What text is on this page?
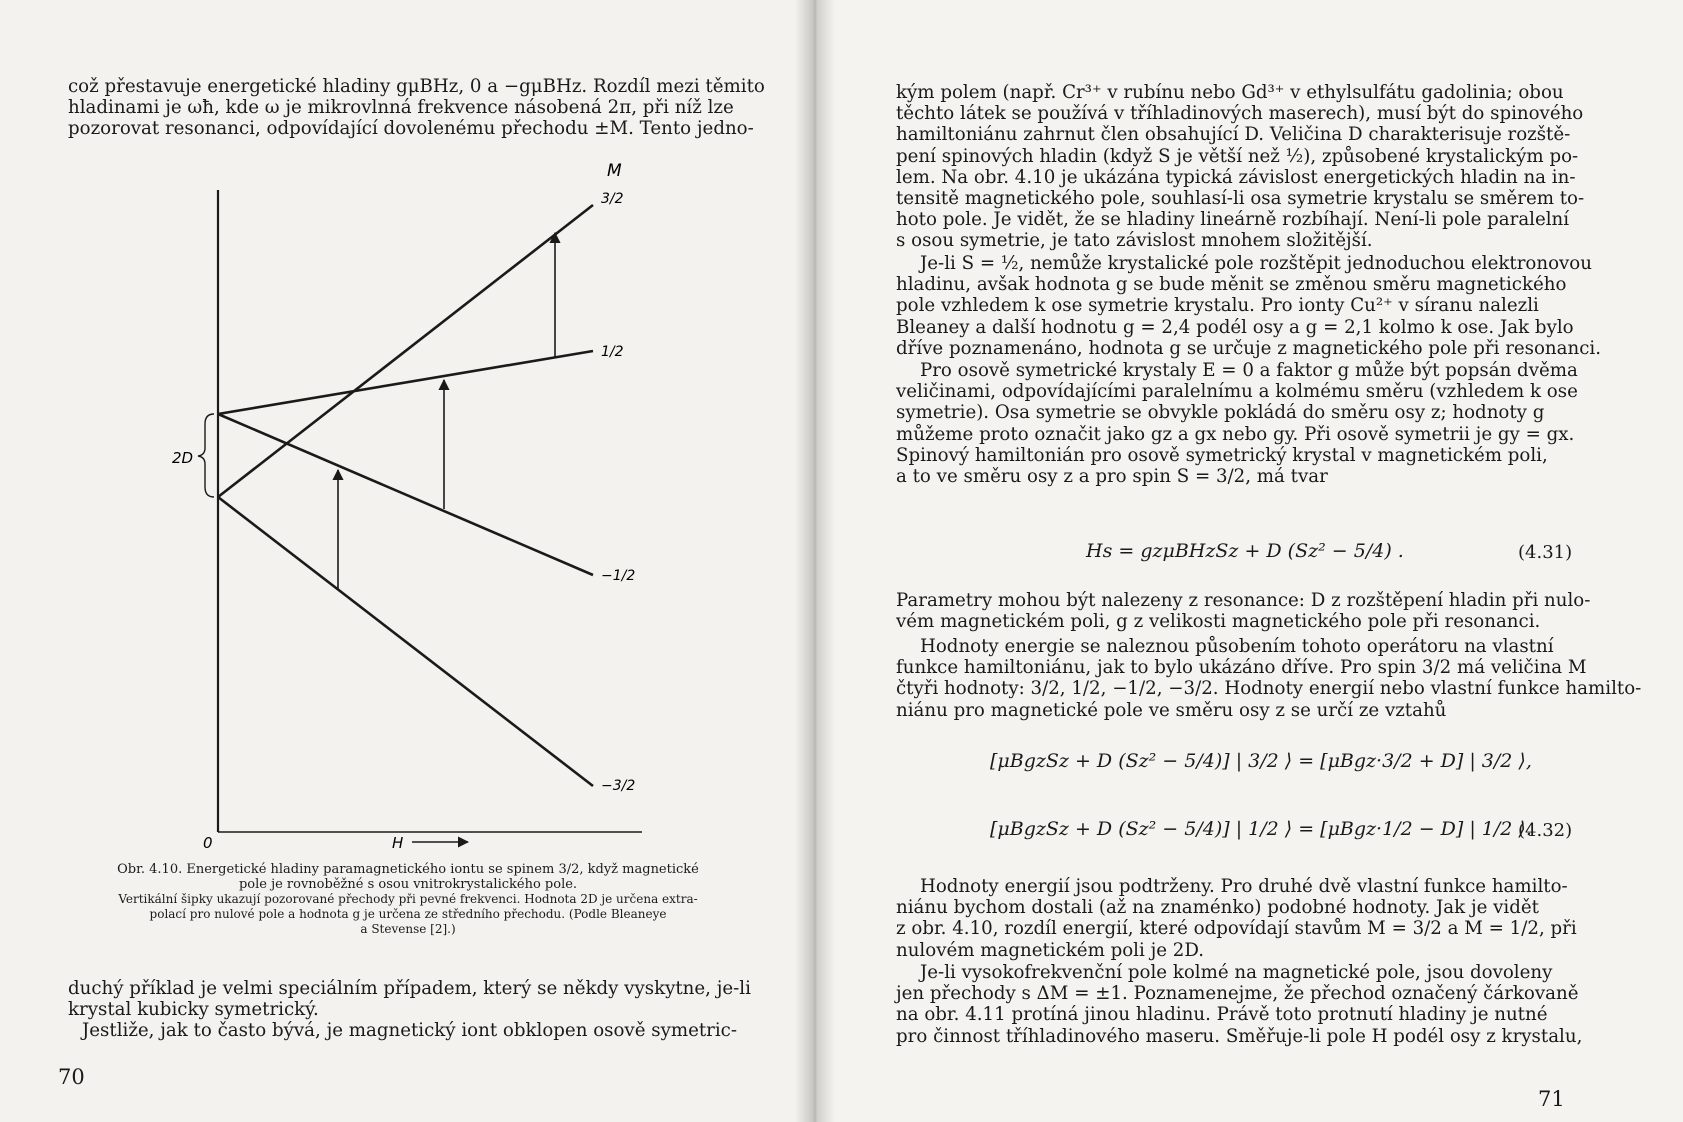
což přestavuje energetické hladiny gμBHz, 0 a −gμBHz. Rozdíl mezi těmito
hladinami je ωħ, kde ω je mikrovlnná frekvence násobená 2π, při níž lze
pozorovat resonanci, odpovídající dovolenému přechodu ±M. Tento jedno-

2D
M
3/2
1/2
−1/2
−3/2
0	H
Obr. 4.10. Energetické hladiny paramagnetického iontu se spinem 3/2, když magnetické
pole je rovnoběžné s osou vnitrokrystalického pole.
Vertikální šipky ukazují pozorované přechody při pevné frekvenci. Hodnota 2D je určena extra-
polací pro nulové pole a hodnota g je určena ze středního přechodu. (Podle Bleaneye
a Stevense [2].)

duchý příklad je velmi speciálním případem, který se někdy vyskytne, je-li
krystal kubicky symetrický.
Jestliže, jak to často bývá, je magnetický iont obklopen osově symetric-

70

kým polem (např. Cr³⁺ v rubínu nebo Gd³⁺ v ethylsulfátu gadolinia; obou
těchto látek se používá v tříhladinových maserech), musí být do spinového
hamiltoniánu zahrnut člen obsahující D. Veličina D charakterisuje rozště-
pení spinových hladin (když S je větší než ½), způsobené krystalickým po-
lem. Na obr. 4.10 je ukázána typická závislost energetických hladin na in-
tensitě magnetického pole, souhlasí-li osa symetrie krystalu se směrem to-
hoto pole. Je vidět, že se hladiny lineárně rozbíhají. Není-li pole paralelní
s osou symetrie, je tato závislost mnohem složitější.

Je-li S = ½, nemůže krystalické pole rozštěpit jednoduchou elektronovou
hladinu, avšak hodnota g se bude měnit se změnou směru magnetického
pole vzhledem k ose symetrie krystalu. Pro ionty Cu²⁺ v síranu nalezli
Bleaney a další hodnotu g = 2,4 podél osy a g = 2,1 kolmo k ose. Jak bylo
dříve poznamenáno, hodnota g se určuje z magnetického pole při resonanci.

Pro osově symetrické krystaly E = 0 a faktor g může být popsán dvěma
veličinami, odpovídajícími paralelnímu a kolmému směru (vzhledem k ose
symetrie). Osa symetrie se obvykle pokládá do směru osy z; hodnoty g
můžeme proto označit jako gz a gx nebo gy. Při osově symetrii je gy = gx.
Spinový hamiltonián pro osově symetrický krystal v magnetickém poli,
a to ve směru osy z a pro spin S = 3/2, má tvar

Hs = gzμBHzSz + D (Sz² − 5/4) .	(4.31)

Parametry mohou být nalezeny z resonance: D z rozštěpení hladin při nulo-
vém magnetickém poli, g z velikosti magnetického pole při resonanci.

Hodnoty energie se naleznou působením tohoto operátoru na vlastní
funkce hamiltoniánu, jak to bylo ukázáno dříve. Pro spin 3/2 má veličina M
čtyři hodnoty: 3/2, 1/2, −1/2, −3/2. Hodnoty energií nebo vlastní funkce hamilto-
niánu pro magnetické pole ve směru osy z se určí ze vztahů

[μBgzSz + D (Sz² − 5/4)] | 3/2 ⟩ = [μBgz·3/2 + D] | 3/2 ⟩,
[μBgzSz + D (Sz² − 5/4)] | 1/2 ⟩ = [μBgz·1/2 − D] | 1/2 ⟩.
(4.32)

Hodnoty energií jsou podtrženy. Pro druhé dvě vlastní funkce hamilto-
niánu bychom dostali (až na znaménko) podobné hodnoty. Jak je vidět
z obr. 4.10, rozdíl energií, které odpovídají stavům M = 3/2 a M = 1/2, při
nulovém magnetickém poli je 2D.

Je-li vysokofrekvenční pole kolmé na magnetické pole, jsou dovoleny
jen přechody s ΔM = ±1. Poznamenejme, že přechod označený čárkovaně
na obr. 4.11 protíná jinou hladinu. Právě toto protnutí hladiny je nutné
pro činnost tříhladinového maseru. Směřuje-li pole H podél osy z krystalu,

71
